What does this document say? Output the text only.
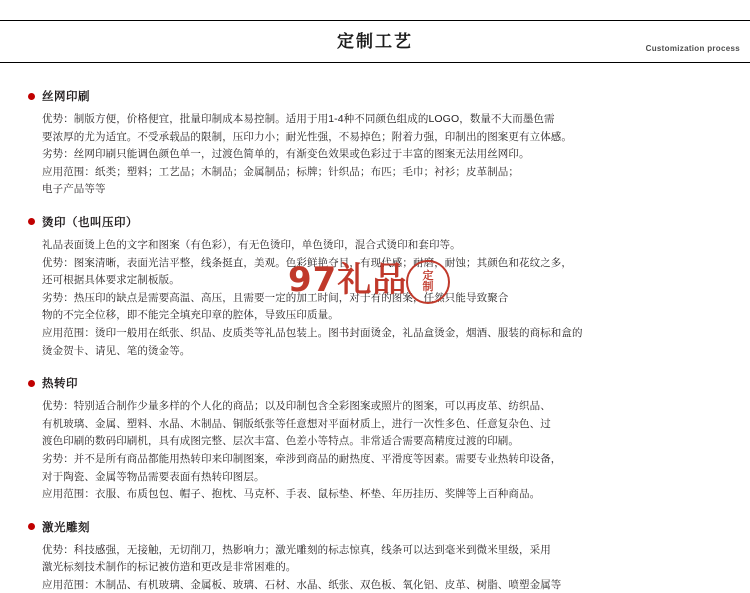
定制工艺	Customization process
丝网印刷

优势：制版方便，价格便宜，批量印制成本易控制。适用于用1-4种不同颜色组成的LOGO，数量不大而墨色需

要浓厚的尤为适宜。不受承载品的限制，压印力小；耐光性强，不易掉色；附着力强，印制出的图案更有立体感。

劣势：丝网印刷只能调色颜色单一，过渡色简单的，有渐变色效果或色彩过于丰富的图案无法用丝网印。

应用范围：纸类；塑料；工艺品；木制品；金属制品；标牌；针织品；布匹；毛巾；衬衫；皮革制品；

电子产品等等

烫印（也叫压印）

礼品表面烫上色的文字和图案（有色彩），有无色烫印，单色烫印，混合式烫印和套印等。

优势：图案清晰，表面光洁平整，线条挺直，美观。色彩鲜艳夺目，有现代感；耐磨，耐蚀；其颜色和花纹之多，

还可根据具体要求定制板版。

劣势：热压印的缺点是需要高温、高压，且需要一定的加工时间，对于有的图案，任然只能导致聚合

物的不完全位移，即不能完全填充印章的腔体，导致压印质量。

应用范围：烫印一般用在纸张、织品、皮质类等礼品包装上。图书封面烫金，礼品盒烫金，烟酒、服装的商标和盒的

烫金贺卡、请见、笔的烫金等。

热转印

优势：特别适合制作少量多样的个人化的商品；以及印制包含全彩图案或照片的图案，可以再皮革、纺织品、

有机玻璃、金属、塑料、水晶、木制品、铜版纸张等任意想对平面材质上，进行一次性多色、任意复杂色、过

渡色印刷的数码印刷机，具有成图完整、层次丰富、色差小等特点。非常适合需要高精度过渡的印刷。

劣势：并不是所有商品都能用热转印来印制图案，牵涉到商品的耐热度、平滑度等因素。需要专业热转印设备，

对于陶瓷、金属等物品需要表面有热转印图层。

应用范围：衣服、布质包包、帽子、抱枕、马克杯、手表、鼠标垫、杯垫、年历挂历、奖牌等上百种商品。

激光雕刻

优势：科技感强，无接触，无切削刀，热影响力；激光雕刻的标志惊真，线条可以达到毫米到微米里级，采用

激光标刻技术制作的标记被仿造和更改是非常困难的。

应用范围：木制品、有机玻璃、金属板、玻璃、石材、水晶、纸张、双色板、氧化铝、皮革、树脂、喷塑金属等

97礼品 定
制
